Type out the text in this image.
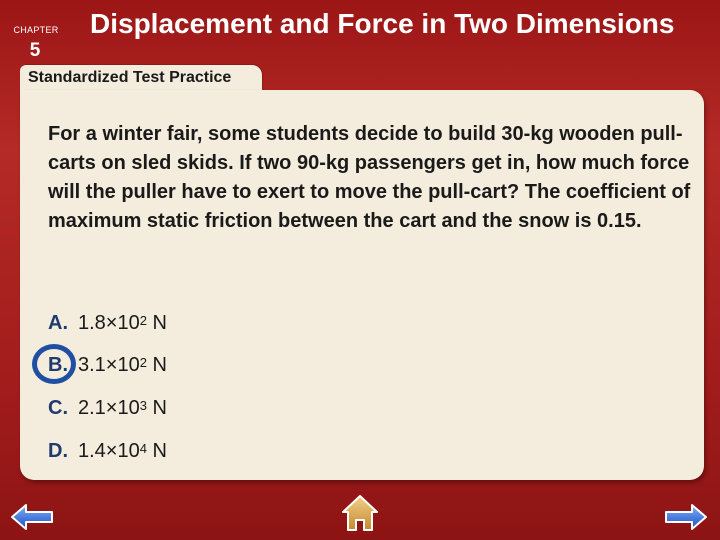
CHAPTER
5
Displacement and Force in Two Dimensions
Standardized Test Practice
For a winter fair, some students decide to build 30-kg wooden pull-carts on sled skids. If two 90-kg passengers get in, how much force will the puller have to exert to move the pull-cart? The coefficient of maximum static friction between the cart and the snow is 0.15.
A. $1.8\times 10^2$
N
B. $3.1\times 10^2$
N
C. $2.1\times 10^3$
N
D. $1.4\times 10^4$
N
